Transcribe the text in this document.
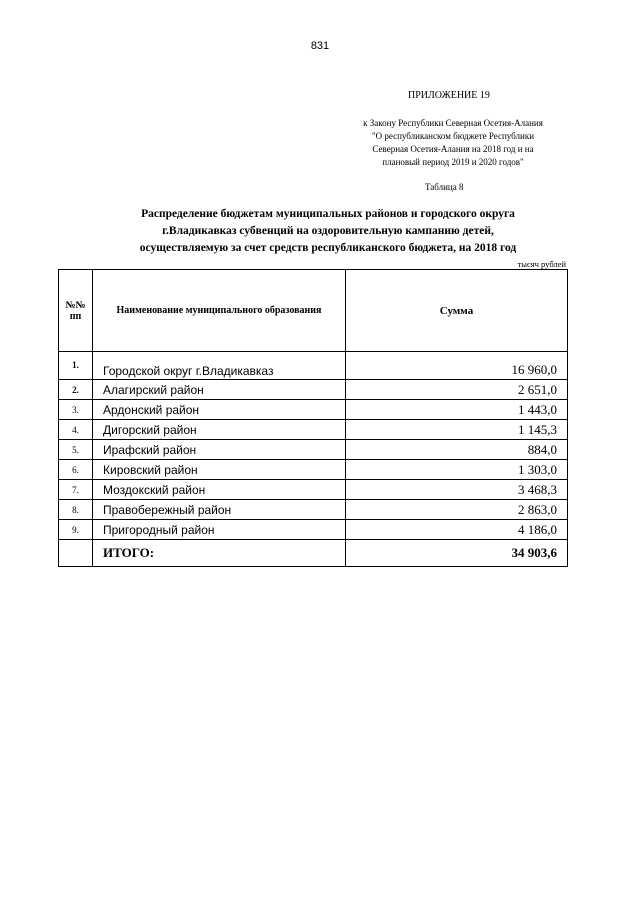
831
ПРИЛОЖЕНИЕ 19
к Закону Республики Северная Осетия-Алания
"О республиканском бюджете Республики
Северная Осетия-Алания на 2018 год и на
плановый период 2019 и 2020 годов"
Таблица 8
Распределение бюджетам муниципальных районов и городского округа
г.Владикавказ субвенций на оздоровительную кампанию детей,
осуществляемую за счет средств республиканского бюджета, на 2018 год
тысяч рублей
№№ пп	Наименование муниципального образования	Сумма
1.	Городской округ г.Владикавказ	16 960,0
2.	Алагирский район	2 651,0
3.	Ардонский район	1 443,0
4.	Дигорский район	1 145,3
5.	Ирафский район	884,0
6.	Кировский район	1 303,0
7.	Моздокский район	3 468,3
8.	Правобережный район	2 863,0
9.	Пригородный район	4 186,0
	ИТОГО:	34 903,6
